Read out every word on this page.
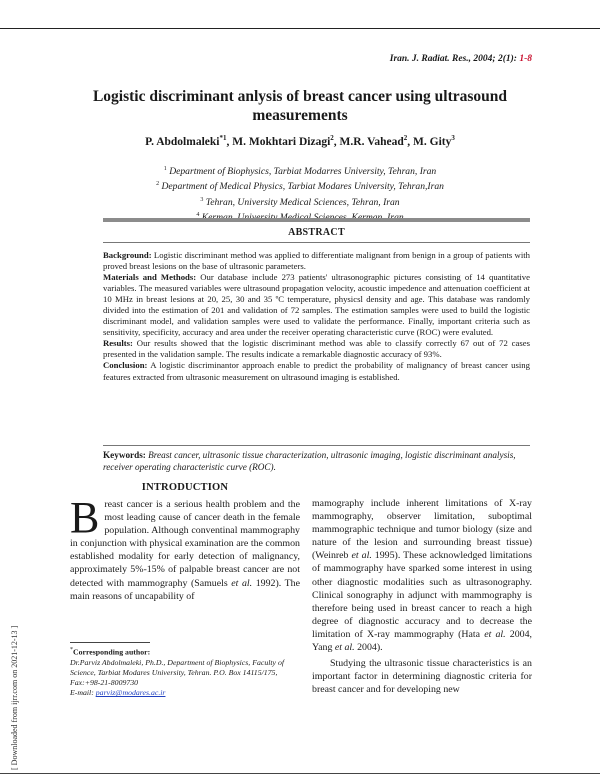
Iran. J. Radiat. Res., 2004; 2(1): 1-8
Logistic discriminant anlysis of breast cancer using ultrasound measurements
P. Abdolmaleki$^{*1}$, M. Mokhtari Dizagi$^2$, M.R. Vahead$^2$, M. Gity$^3$
$^1$ Department of Biophysics, Tarbiat Modarres University, Tehran, Iran
$^2$ Department of Medical Physics, Tarbiat Modares University, Tehran,Iran
$^3$ Tehran, University Medical Sciences, Tehran, Iran
$^4$
ABSTRACT

Background: Logistic discriminant method was applied to differentiate malignant from benign in a group of patients with proved breast lesions on the base of ultrasonic parameters.

Materials and Methods: Our database include 273 patients' ultrasonographic pictures consisting of 14 quantitative variables. The measured variables were ultrasound propagation velocity, acoustic impedence and attenuation coefficient at 10 MHz in breast lesions at 20, 25, 30 and 35 ºC temperature, physicsl density and age. This database was randomly divided into the estimation of 201 and validation of 72 samples. The estimation samples were used to build the logistic discriminant model, and validation samples were used to validate the performance. Finally, important criteria such as sensitivity, specificity, accuracy and area under the receiver operating characteristic curve (ROC) were evaluted.

Results: Our results showed that the logistic discriminant method was able to classify correctly 67 out of 72 cases presented in the validation sample. The results indicate a remarkable diagnostic accuracy of 93%.

Conclusion: A logistic discriminantor approach enable to predict the probability of malignancy of breast cancer using features extracted from ultrasonic measurement on ultrasound imaging is established.

Keywords: Breast cancer, ultrasonic tissue characterization, ultrasonic imaging, logistic discriminant analysis, receiver operating characteristic curve (ROC).
INTRODUCTION

Breast cancer is a serious health problem and the most leading cause of cancer death in the female population. Although conventinal mammography in conjunction with physical examination are the common established modality for early detection of malignancy, approximately 5%-15% of palpable breast cancer are not detected with mammography (Samuels et al. 1992). The main reasons of uncapability of

mamography include inherent limitations of X-ray mammography, observer limitation, suboptimal mammographic technique and tumor biology (size and nature of the lesion and surrounding breast tissue) (Weinreb et al. 1995). These acknowledged limitations of mammography have sparked some interest in using other diagnostic modalities such as ultrasonography. Clinical sonography in adjunct with mammography is therefore being used in breast cancer to reach a high degree of diagnostic accuracy and to decrease the limitation of X-ray mammography (Hata et al. 2004, Yang et al. 2004).

Studying the ultrasonic tissue characteristics is an important factor in determining diagnostic criteria for breast cancer and for developing new

*Corresponding author:
Dr.Parviz Abdolmaleki, Ph.D., Department of Biophysics, Faculty of Science, Tarbiat Modares University, Tehran. P.O. Box 14115/175, Fax:+98-21-8009730
E-mail: parviz@modares.ac.ir
[ Downloaded from ijrr.com on 2021-12-13 ]
